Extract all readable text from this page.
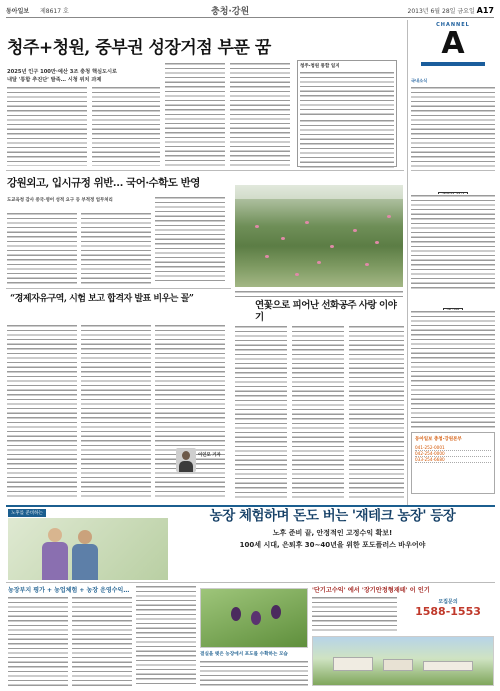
동아일보 제8617 호	충청·강원	2013년 6월 28일 금요일 A17
청주+청원, 중부권 성장거점 부푼 꿈
2025년 인구 100만·예산 3조 충청 핵심도시로
내달 '통합 추진단' 발족… 시청 위치 과제
청주·청원 통합 일지
강원외고, 입시규정 위반… 국어·수학도 반영
도교육청 감사 중국·영어 성적 요구 등 부적정 업무처리
“경제자유구역, 시험 보고 합격자 발표 비우는 꼴”
이인모 기자
연꽃으로 피어난 선화공주 사랑 이야기
CHANNEL
A
국내소식
동아일보 충청·강원본부
041-252-0001
042-254-0000
033-254-6680
노후를 준비하는	농장 체험하며 돈도 버는 '재테크 농장' 등장
노후 준비 끝, 안정적인 고정수익 확보!
100세 시대, 은퇴후 30~40년을 위한 포도플러스 바우어야
농장부지 평가 + 농업체험 + 농장 운영수익…
결실을 맺은 농장에서 포도를 수확하는 모습
'단기고수익' 에서 '장기안정형재테' 이 인기
모집문의
1588-1553
